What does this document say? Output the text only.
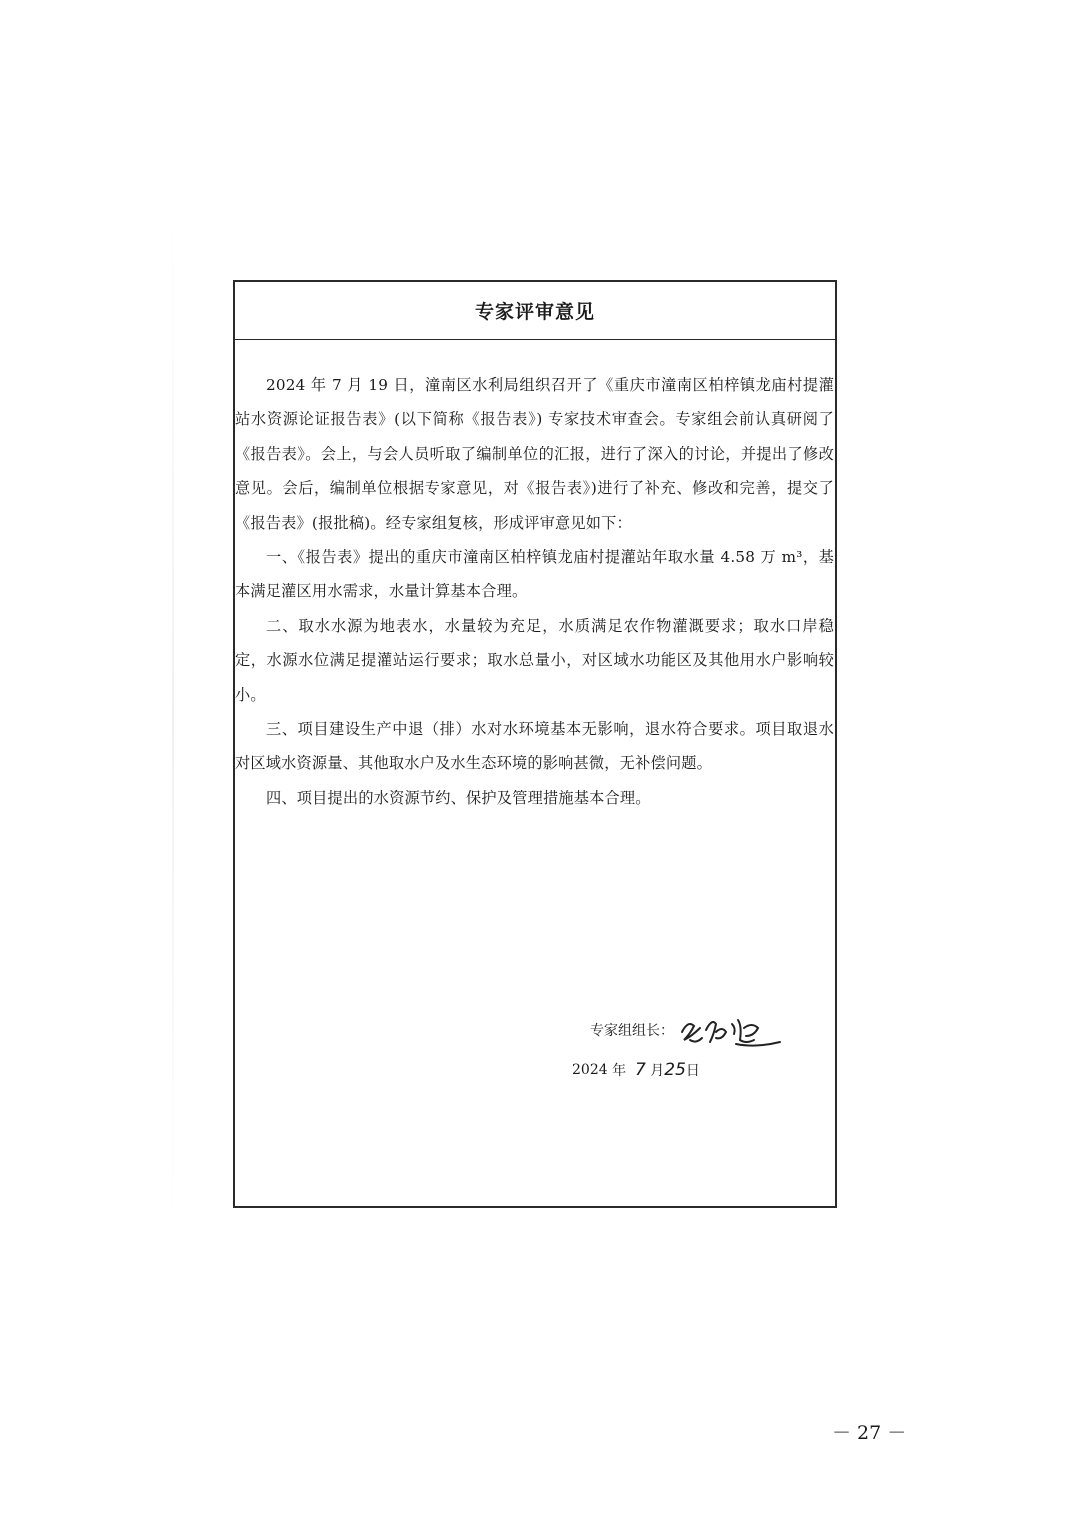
专家评审意见

2024 年 7 月 19 日，潼南区水利局组织召开了《重庆市潼南区柏梓镇龙庙村提灌站水资源论证报告表》(以下简称《报告表》) 专家技术审查会。专家组会前认真研阅了《报告表》。会上，与会人员听取了编制单位的汇报，进行了深入的讨论，并提出了修改意见。会后，编制单位根据专家意见，对《报告表》)进行了补充、修改和完善，提交了《报告表》(报批稿)。经专家组复核，形成评审意见如下：

一、《报告表》提出的重庆市潼南区柏梓镇龙庙村提灌站年取水量 4.58 万 m³，基本满足灌区用水需求，水量计算基本合理。

二、取水水源为地表水，水量较为充足，水质满足农作物灌溉要求；取水口岸稳定，水源水位满足提灌站运行要求；取水总量小，对区域水功能区及其他用水户影响较小。

三、项目建设生产中退（排）水对水环境基本无影响，退水符合要求。项目取退水对区域水资源量、其他取水户及水生态环境的影响甚微，无补偿问题。

四、项目提出的水资源节约、保护及管理措施基本合理。

专家组组长：
2024
年
7
月 25 日
－ 27 －
